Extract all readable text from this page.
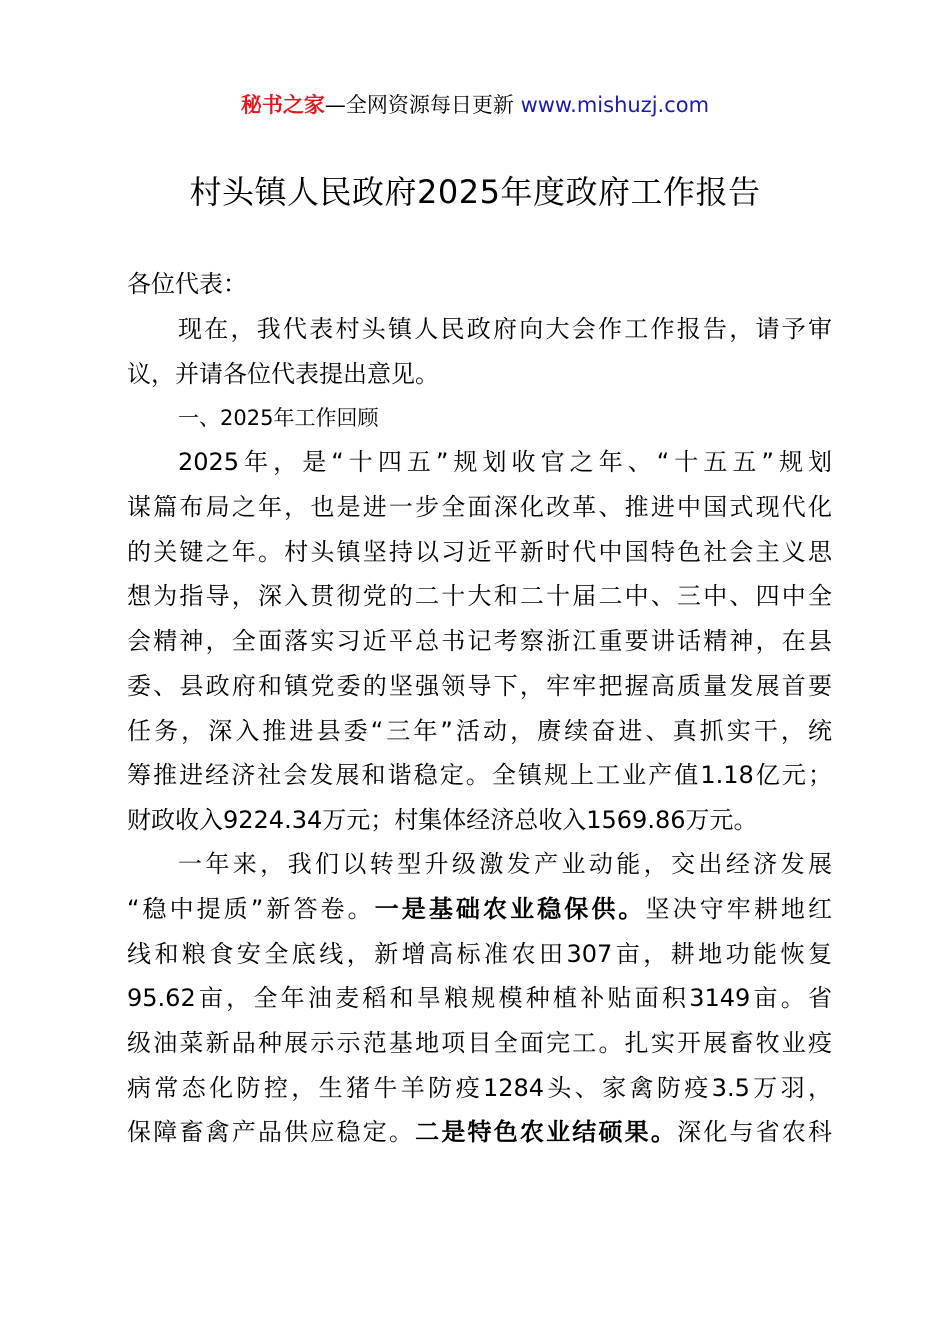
秘书之家—全网资源每日更新 www.mishuzj.com
村头镇人民政府2025年度政府工作报告
各位代表：
现在，我代表村头镇人民政府向大会作工作报告，请予审
议，并请各位代表提出意见。
一、2025年工作回顾
2025年，是“十四五”规划收官之年、“十五五”规划
谋篇布局之年，也是进一步全面深化改革、推进中国式现代化
的关键之年。村头镇坚持以习近平新时代中国特色社会主义思
想为指导，深入贯彻党的二十大和二十届二中、三中、四中全
会精神，全面落实习近平总书记考察浙江重要讲话精神，在县
委、县政府和镇党委的坚强领导下，牢牢把握高质量发展首要
任务，深入推进县委“三年”活动，赓续奋进、真抓实干，统
筹推进经济社会发展和谐稳定。全镇规上工业产值1.18亿元；
财政收入9224.34万元；村集体经济总收入1569.86万元。
一年来，我们以转型升级激发产业动能，交出经济发展
“稳中提质”新答卷。一是基础农业稳保供。坚决守牢耕地红
线和粮食安全底线，新增高标准农田307亩，耕地功能恢复
95.62亩，全年油麦稻和旱粮规模种植补贴面积3149亩。省
级油菜新品种展示示范基地项目全面完工。扎实开展畜牧业疫
病常态化防控，生猪牛羊防疫1284头、家禽防疫3.5万羽，
保障畜禽产品供应稳定。二是特色农业结硕果。深化与省农科
